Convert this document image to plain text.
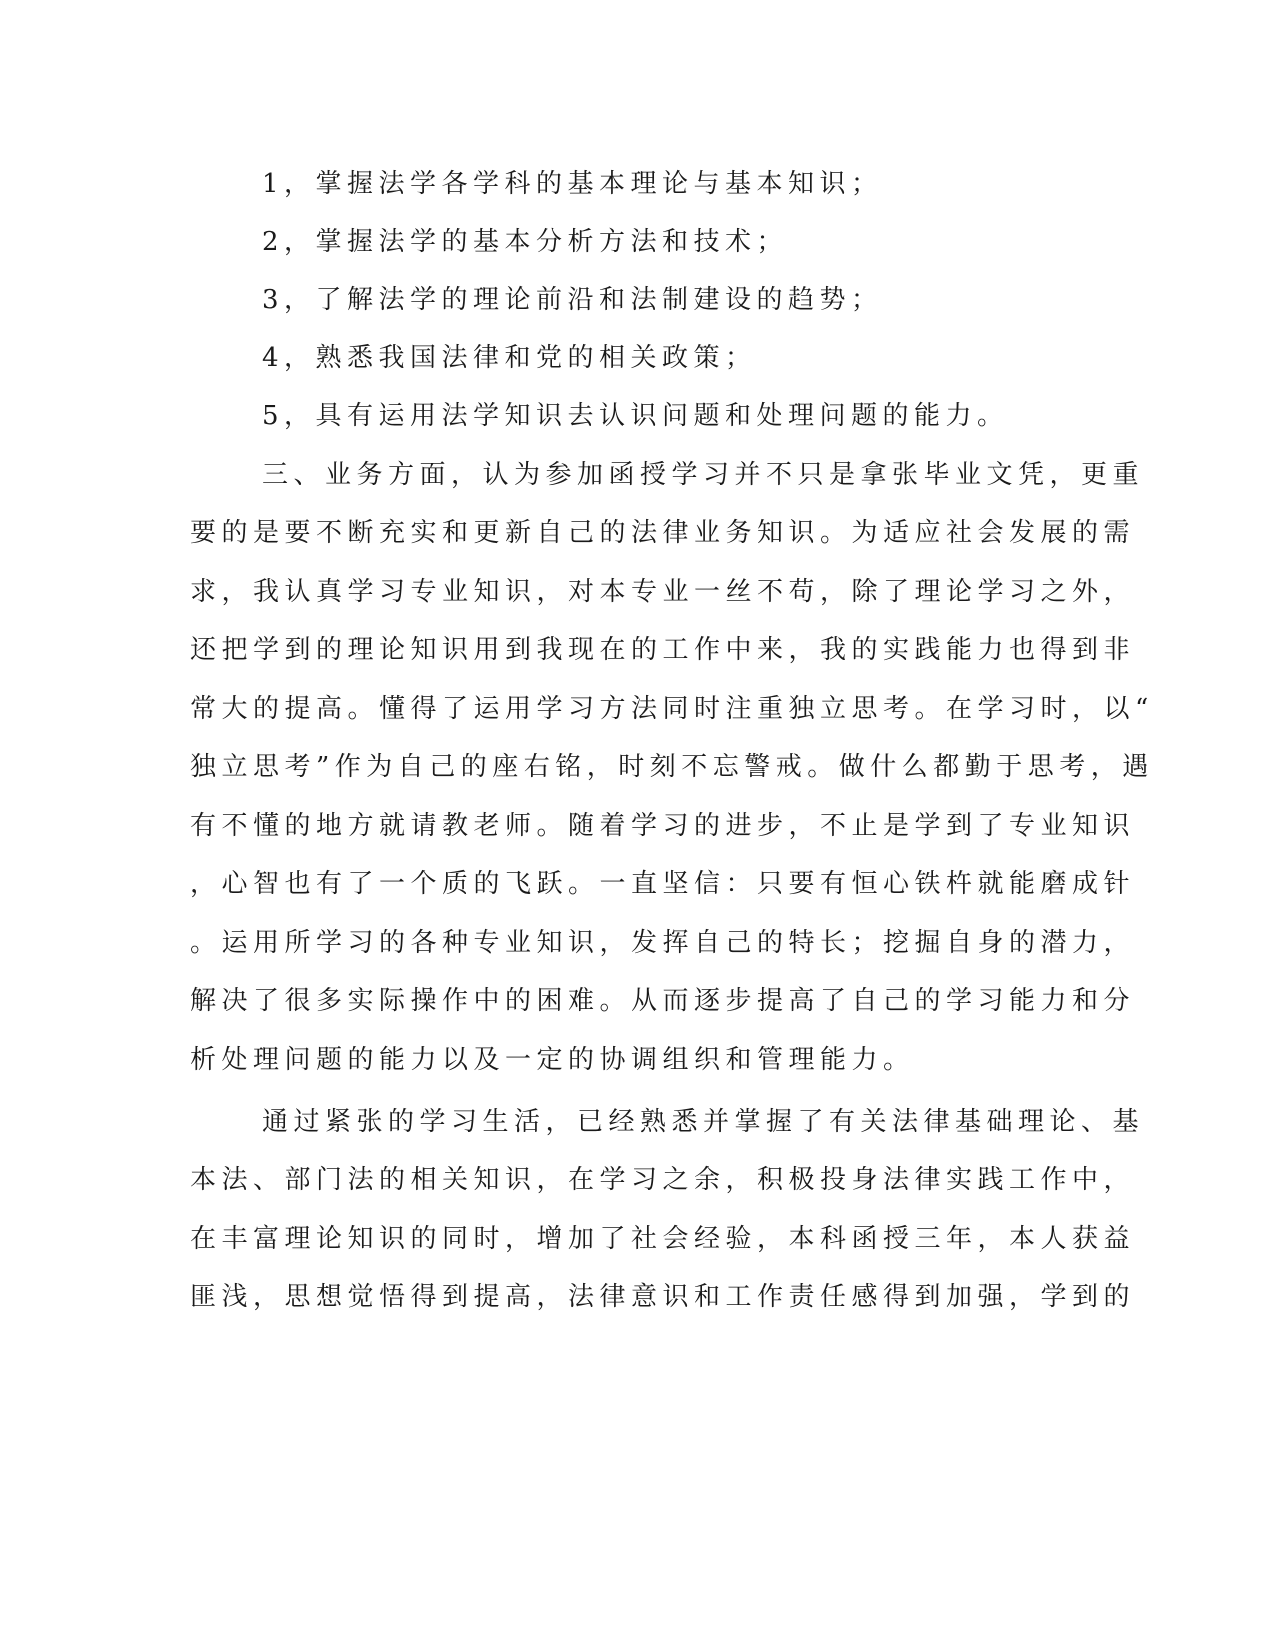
1，掌握法学各学科的基本理论与基本知识；
2，掌握法学的基本分析方法和技术；
3，了解法学的理论前沿和法制建设的趋势；
4，熟悉我国法律和党的相关政策；
5，具有运用法学知识去认识问题和处理问题的能力。
三、业务方面，认为参加函授学习并不只是拿张毕业文凭，更重
要的是要不断充实和更新自己的法律业务知识。为适应社会发展的需
求，我认真学习专业知识，对本专业一丝不苟，除了理论学习之外，
还把学到的理论知识用到我现在的工作中来，我的实践能力也得到非
常大的提高。懂得了运用学习方法同时注重独立思考。在学习时，以“
独立思考”作为自己的座右铭，时刻不忘警戒。做什么都勤于思考，遇
有不懂的地方就请教老师。随着学习的进步，不止是学到了专业知识
，心智也有了一个质的飞跃。一直坚信：只要有恒心铁杵就能磨成针
。运用所学习的各种专业知识，发挥自己的特长；挖掘自身的潜力，
解决了很多实际操作中的困难。从而逐步提高了自己的学习能力和分
析处理问题的能力以及一定的协调组织和管理能力。
通过紧张的学习生活，已经熟悉并掌握了有关法律基础理论、基
本法、部门法的相关知识，在学习之余，积极投身法律实践工作中，
在丰富理论知识的同时，增加了社会经验，本科函授三年，本人获益
匪浅，思想觉悟得到提高，法律意识和工作责任感得到加强，学到的
